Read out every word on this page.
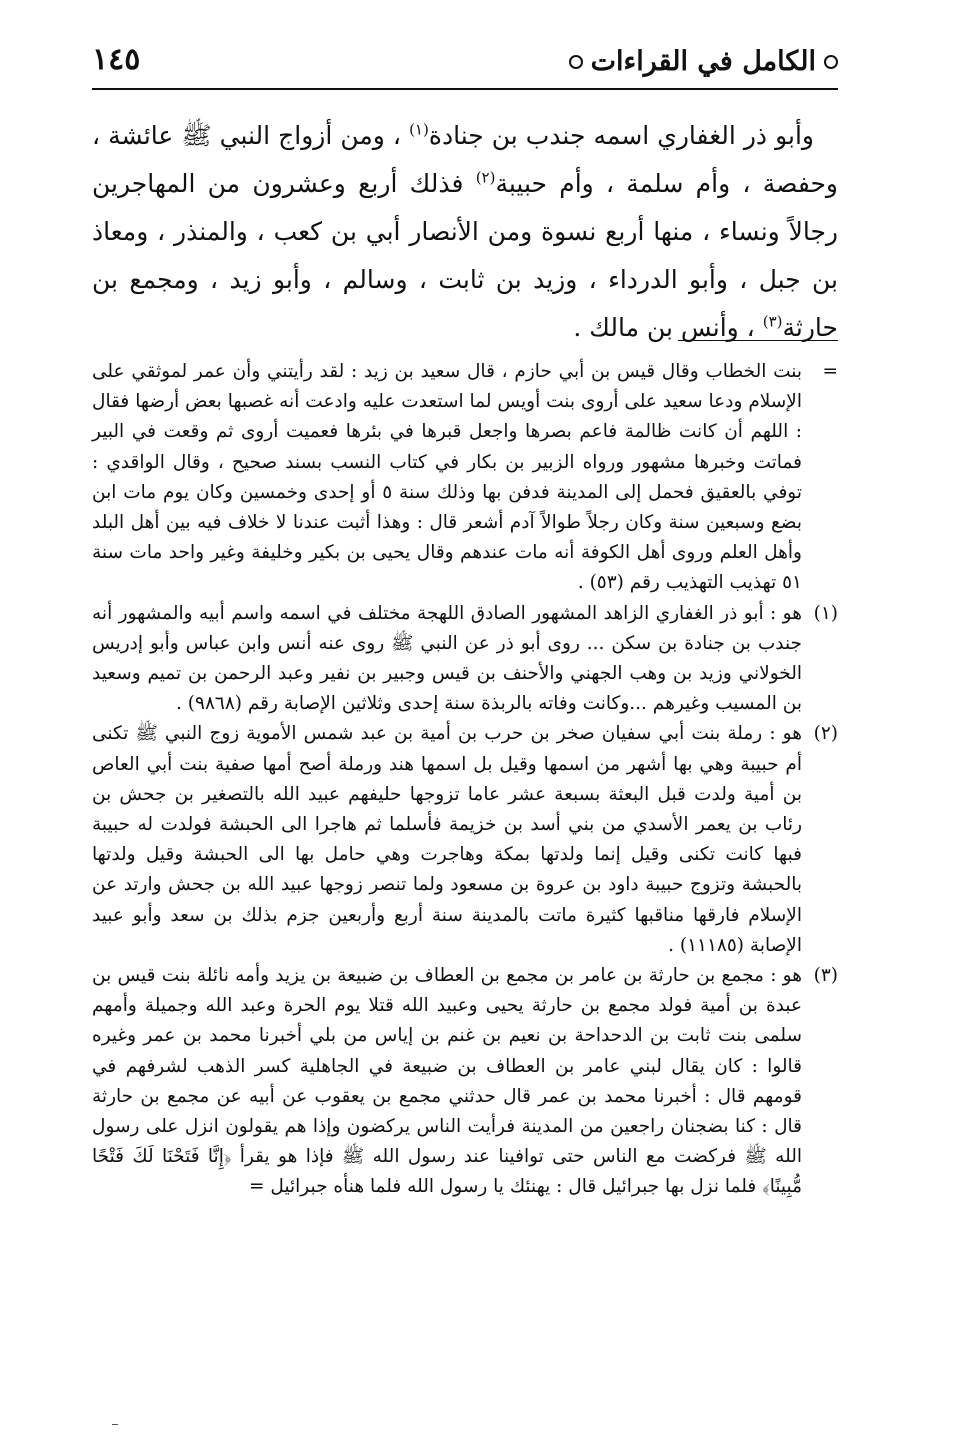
الكامل في القراءات
١٤٥

وأبو ذر الغفاري اسمه جندب بن جنادة$^{(١)}$ ، ومن أزواج النبي ﷺ عائشة ، وحفصة ، وأم سلمة ، وأم حبيبة$^{(٢)}$ فذلك أربع وعشرون من المهاجرين رجالاً ونساء ، منها أربع نسوة ومن الأنصار أبي بن كعب ، والمنذر ، ومعاذ بن جبل ، وأبو الدرداء ، وزيد بن ثابت ، وسالم ، وأبو زيد ، ومجمع بن حارثة$^{(٣)}$ ، وأنس بن مالك .

=
بنت الخطاب وقال قيس بن أبي حازم ، قال سعيد بن زيد : لقد رأيتني وأن عمر لموثقي على الإسلام ودعا سعيد على أروى بنت أويس لما استعدت عليه وادعت أنه غصبها بعض أرضها فقال : اللهم أن كانت ظالمة فاعم بصرها واجعل قبرها في بئرها فعميت أروى ثم وقعت في البير فماتت وخبرها مشهور ورواه الزبير بن بكار في كتاب النسب بسند صحيح ، وقال الواقدي : توفي بالعقيق فحمل إلى المدينة فدفن بها وذلك سنة ٥ أو إحدى وخمسين وكان يوم مات ابن بضع وسبعين سنة وكان رجلاً طوالاً آدم أشعر قال : وهذا أثبت عندنا لا خلاف فيه بين أهل البلد وأهل العلم وروى أهل الكوفة أنه مات عندهم وقال يحيى بن بكير وخليفة وغير واحد مات سنة ٥١ تهذيب التهذيب رقم (٥٣) .
(١)
هو : أبو ذر الغفاري الزاهد المشهور الصادق اللهجة مختلف في اسمه واسم أبيه والمشهور أنه جندب بن جنادة بن سكن ... روى أبو ذر عن النبي ﷺ روى عنه أنس وابن عباس وأبو إدريس الخولاني وزيد بن وهب الجهني والأحنف بن قيس وجبير بن نفير وعبد الرحمن بن تميم وسعيد بن المسيب وغيرهم ...وكانت وفاته بالربذة سنة إحدى وثلاثين الإصابة رقم (٩٨٦٨) .
(٢)
هو : رملة بنت أبي سفيان صخر بن حرب بن أمية بن عبد شمس الأموية زوج النبي ﷺ تكنى أم حبيبة وهي بها أشهر من اسمها وقيل بل اسمها هند ورملة أصح أمها صفية بنت أبي العاص بن أمية ولدت قبل البعثة بسبعة عشر عاما تزوجها حليفهم عبيد الله بالتصغير بن جحش بن رئاب بن يعمر الأسدي من بني أسد بن خزيمة فأسلما ثم هاجرا الى الحبشة فولدت له حبيبة فبها كانت تكنى وقيل إنما ولدتها بمكة وهاجرت وهي حامل بها الى الحبشة وقيل ولدتها بالحبشة وتزوج حبيبة داود بن عروة بن مسعود ولما تنصر زوجها عبيد الله بن جحش وارتد عن الإسلام فارقها مناقبها كثيرة ماتت بالمدينة سنة أربع وأربعين جزم بذلك بن سعد وأبو عبيد الإصابة (١١١٨٥) .
(٣)
هو : مجمع بن حارثة بن عامر بن مجمع بن العطاف بن ضبيعة بن يزيد وأمه نائلة بنت قيس بن عبدة بن أمية فولد مجمع بن حارثة يحيى وعبيد الله قتلا يوم الحرة وعبد الله وجميلة وأمهم سلمى بنت ثابت بن الدحداحة بن نعيم بن غنم بن إياس من بلي أخبرنا محمد بن عمر وغيره قالوا : كان يقال لبني عامر بن العطاف بن ضبيعة في الجاهلية كسر الذهب لشرفهم في قومهم قال : أخبرنا محمد بن عمر قال حدثني مجمع بن يعقوب عن أبيه عن مجمع بن حارثة قال : كنا بضجنان راجعين من المدينة فرأيت الناس يركضون وإذا هم يقولون انزل على رسول الله ﷺ فركضت مع الناس حتى توافينا عند رسول الله ﷺ فإذا هو يقرأ ﴿إِنَّا فَتَحْنَا لَكَ فَتْحًا مُّبِينًا﴾ فلما نزل بها جبرائيل قال : يهنئك يا رسول الله فلما هنأه جبرائيل =
